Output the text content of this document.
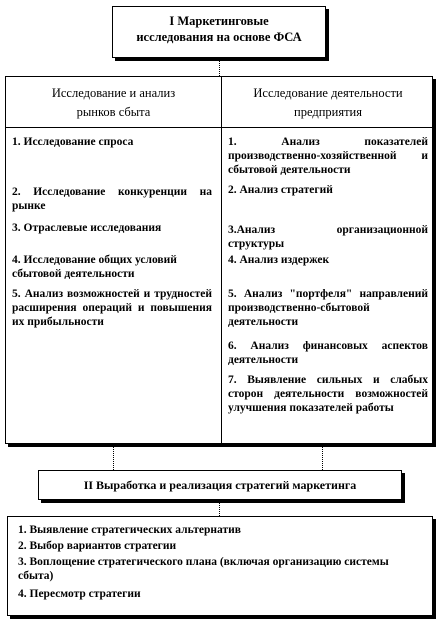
I Маркетинговые
исследования на основе ФСА
Исследование и анализ
рынков сбыта
Исследование деятельности
предприятия
1. Исследование спроса
2. Исследование конкуренции на рынке
3. Отраслевые исследования
4. Исследование общих условий сбытовой деятельности
5. Анализ возможностей и трудностей расширения операций и повышения их прибыльности
1. Анализ показателей производственно-хозяйственной и сбытовой деятельности
2. Анализ стратегий
3.Анализ организационной структуры
4. Анализ издержек
5. Анализ "портфеля" направлений производственно-сбытовой деятельности
6. Анализ финансовых аспектов деятельности
7. Выявление сильных и слабых сторон деятельности возможностей улучшения показателей работы
II Выработка и реализация стратегий маркетинга
1. Выявление стратегических альтернатив
2. Выбор вариантов стратегии
3. Воплощение стратегического плана (включая организацию системы сбыта)
4. Пересмотр стратегии
